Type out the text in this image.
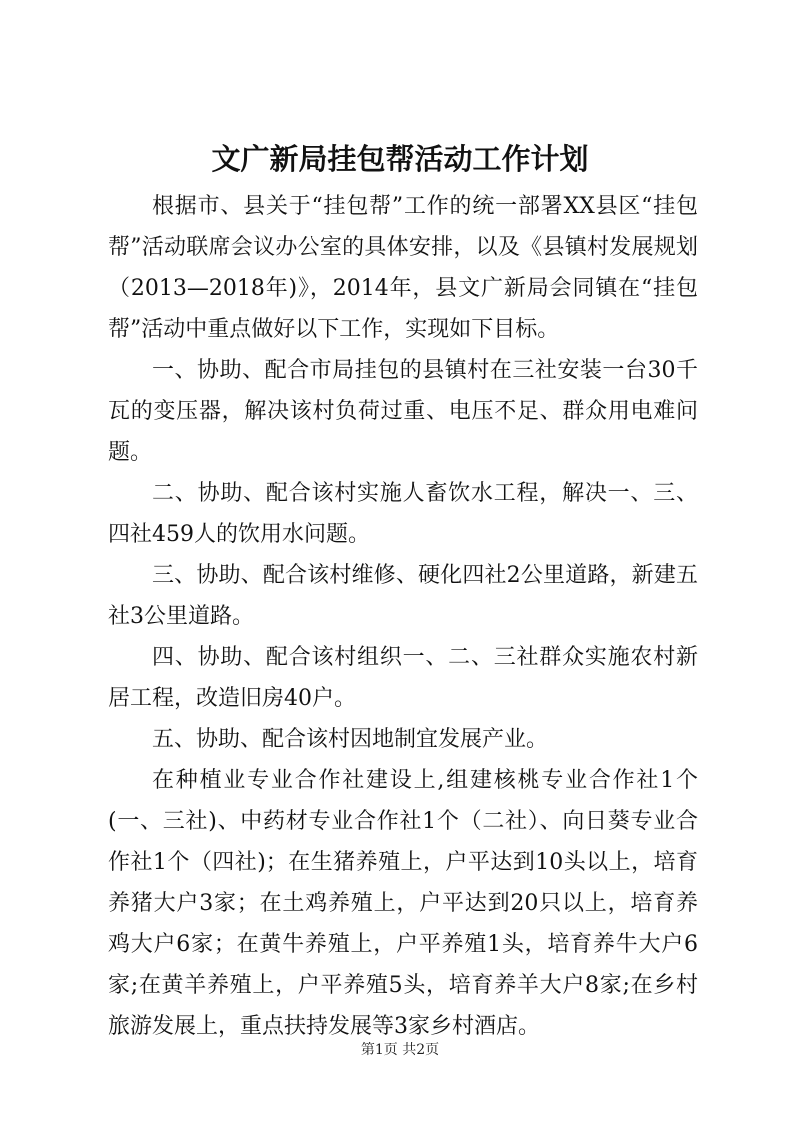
文广新局挂包帮活动工作计划

根据市、县关于“挂包帮”工作的统一部署XX县区“挂包帮”活动联席会议办公室的具体安排，以及《县镇村发展规划（2013—2018年)》，2014年，县文广新局会同镇在“挂包帮”活动中重点做好以下工作，实现如下目标。

一、协助、配合市局挂包的县镇村在三社安装一台30千瓦的变压器，解决该村负荷过重、电压不足、群众用电难问题。

二、协助、配合该村实施人畜饮水工程，解决一、三、四社459人的饮用水问题。

三、协助、配合该村维修、硬化四社2公里道路，新建五社3公里道路。

四、协助、配合该村组织一、二、三社群众实施农村新居工程，改造旧房40户。

五、协助、配合该村因地制宜发展产业。

在种植业专业合作社建设上,组建核桃专业合作社1个(一、三社)、中药材专业合作社1个（二社）、向日葵专业合作社1个（四社)；在生猪养殖上，户平达到10头以上，培育养猪大户3家；在土鸡养殖上，户平达到20只以上，培育养鸡大户6家；在黄牛养殖上，户平养殖1头，培育养牛大户6家;在黄羊养殖上，户平养殖5头，培育养羊大户8家;在乡村旅游发展上，重点扶持发展等3家乡村酒店。

第1页 共2页
